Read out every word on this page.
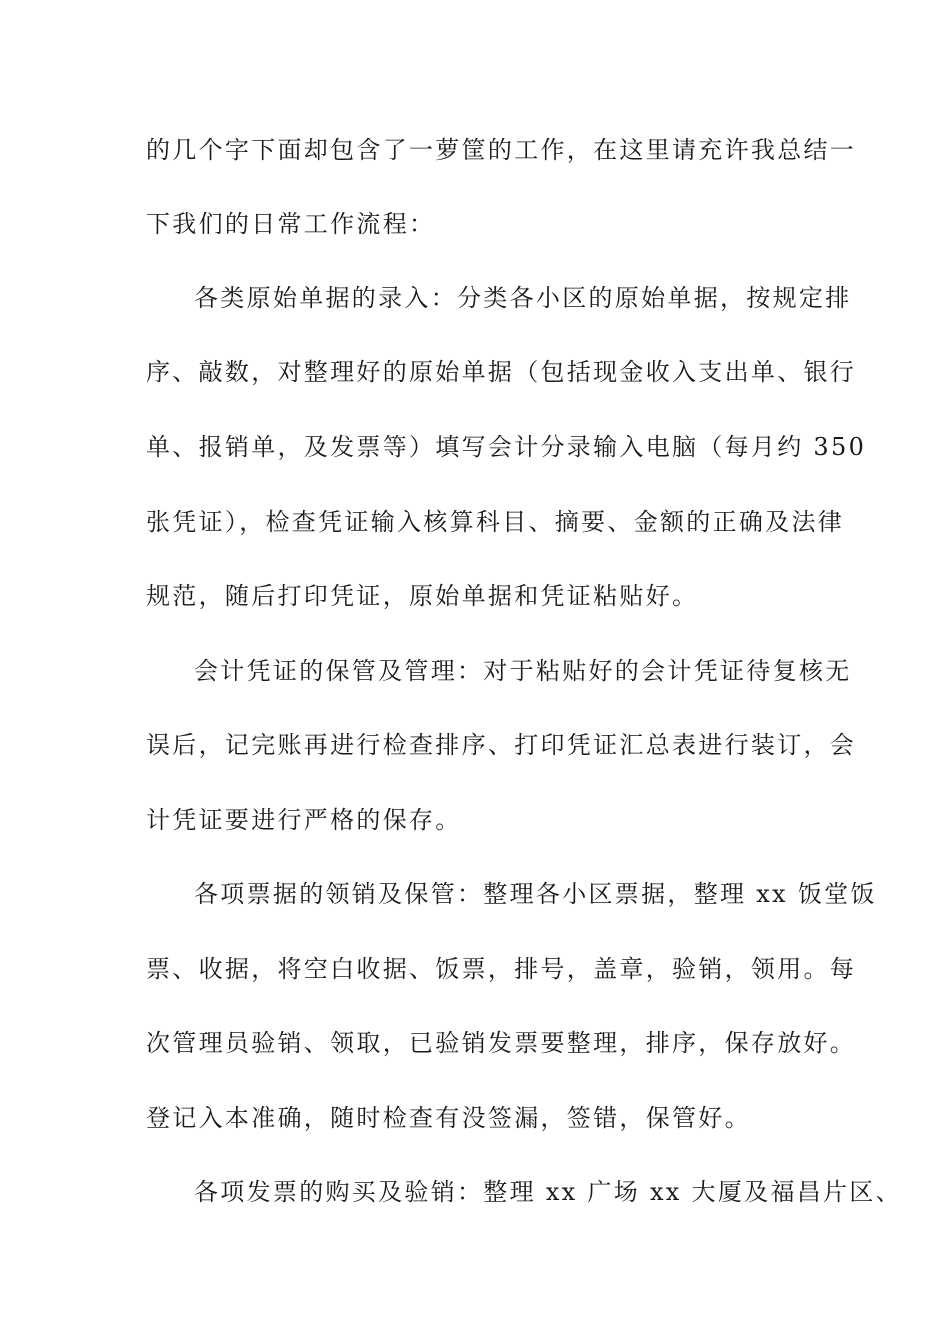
的几个字下面却包含了一萝筐的工作，在这里请充许我总结一
下我们的日常工作流程：
各类原始单据的录入：分类各小区的原始单据，按规定排
序、敲数，对整理好的原始单据（包括现金收入支出单、银行
单、报销单，及发票等）填写会计分录输入电脑（每月约 350
张凭证），检查凭证输入核算科目、摘要、金额的正确及法律
规范，随后打印凭证，原始单据和凭证粘贴好。
会计凭证的保管及管理：对于粘贴好的会计凭证待复核无
误后，记完账再进行检查排序、打印凭证汇总表进行装订，会
计凭证要进行严格的保存。
各项票据的领销及保管：整理各小区票据，整理 xx 饭堂饭
票、收据，将空白收据、饭票，排号，盖章，验销，领用。每
次管理员验销、领取，已验销发票要整理，排序，保存放好。
登记入本准确，随时检查有没签漏，签错，保管好。
各项发票的购买及验销：整理 xx 广场 xx 大厦及福昌片区、
